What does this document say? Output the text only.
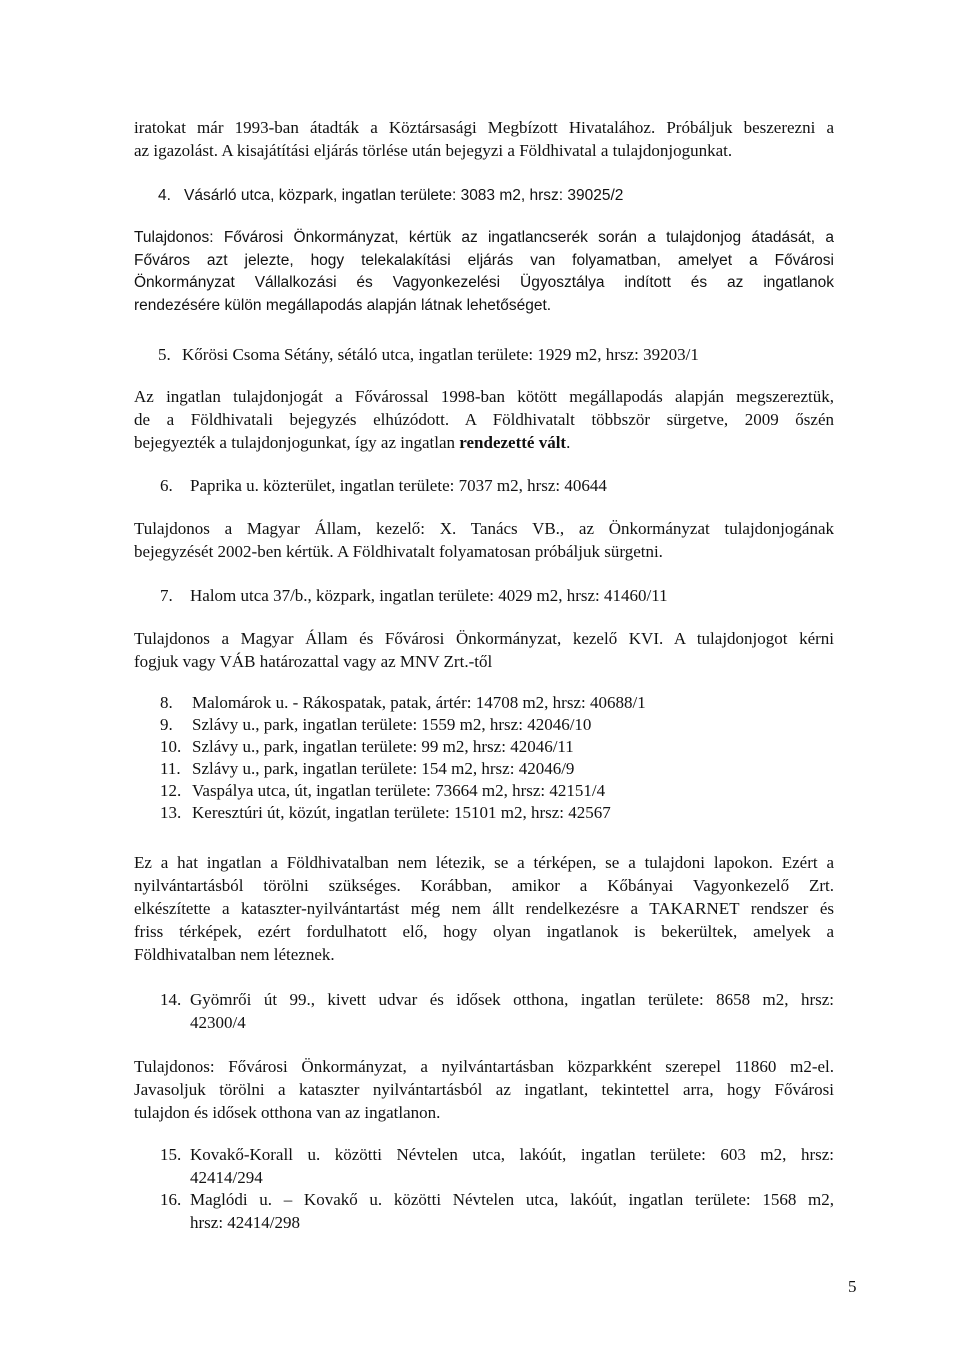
iratokat már 1993-ban átadták a Köztársasági Megbízott Hivatalához. Próbáljuk beszerezni a
az igazolást. A kisajátítási eljárás törlése után bejegyzi a Földhivatal a tulajdonjogunkat.

4. Vásárló utca, közpark, ingatlan területe: 3083 m2, hrsz: 39025/2

Tulajdonos: Fővárosi Önkormányzat, kértük az ingatlancserék során a tulajdonjog átadását, a
Főváros azt jelezte, hogy telekalakítási eljárás van folyamatban, amelyet a Fővárosi
Önkormányzat Vállalkozási és Vagyonkezelési Ügyosztálya indított és az ingatlanok
rendezésére külön megállapodás alapján látnak lehetőséget.

5. Kőrösi Csoma Sétány, sétáló utca, ingatlan területe: 1929 m2, hrsz: 39203/1

Az ingatlan tulajdonjogát a Fővárossal 1998-ban kötött megállapodás alapján megszereztük,
de a Földhivatali bejegyzés elhúzódott. A Földhivatalt többször sürgetve, 2009 őszén
bejegyezték a tulajdonjogunkat, így az ingatlan rendezetté vált.

6. Paprika u. közterület, ingatlan területe: 7037 m2, hrsz: 40644

Tulajdonos a Magyar Állam, kezelő: X. Tanács VB., az Önkormányzat tulajdonjogának
bejegyzését 2002-ben kértük. A Földhivatalt folyamatosan próbáljuk sürgetni.

7. Halom utca 37/b., közpark, ingatlan területe: 4029 m2, hrsz: 41460/11

Tulajdonos a Magyar Állam és Fővárosi Önkormányzat, kezelő KVI. A tulajdonjogot kérni
fogjuk vagy VÁB határozattal vagy az MNV Zrt.-től

8. Malomárok u. - Rákospatak, patak, ártér: 14708 m2, hrsz: 40688/1
9. Szlávy u., park, ingatlan területe: 1559 m2, hrsz: 42046/10
10. Szlávy u., park, ingatlan területe: 99 m2, hrsz: 42046/11
11. Szlávy u., park, ingatlan területe: 154 m2, hrsz: 42046/9
12. Vaspálya utca, út, ingatlan területe: 73664 m2, hrsz: 42151/4
13. Keresztúri út, közút, ingatlan területe: 15101 m2, hrsz: 42567

Ez a hat ingatlan a Földhivatalban nem létezik, se a térképen, se a tulajdoni lapokon. Ezért a
nyilvántartásból törölni szükséges. Korábban, amikor a Kőbányai Vagyonkezelő Zrt.
elkészítette a kataszter-nyilvántartást még nem állt rendelkezésre a TAKARNET rendszer és
friss térképek, ezért fordulhatott elő, hogy olyan ingatlanok is bekerültek, amelyek a
Földhivatalban nem léteznek.

14. Gyömrői út 99., kivett udvar és idősek otthona, ingatlan területe: 8658 m2, hrsz:
42300/4

Tulajdonos: Fővárosi Önkormányzat, a nyilvántartásban közparkként szerepel 11860 m2-el.
Javasoljuk törölni a kataszter nyilvántartásból az ingatlant, tekintettel arra, hogy Fővárosi
tulajdon és idősek otthona van az ingatlanon.

15. Kovakő-Korall u. közötti Névtelen utca, lakóút, ingatlan területe: 603 m2, hrsz:
42414/294
16. Maglódi u. – Kovakő u. közötti Névtelen utca, lakóút, ingatlan területe: 1568 m2,
hrsz: 42414/298
5
